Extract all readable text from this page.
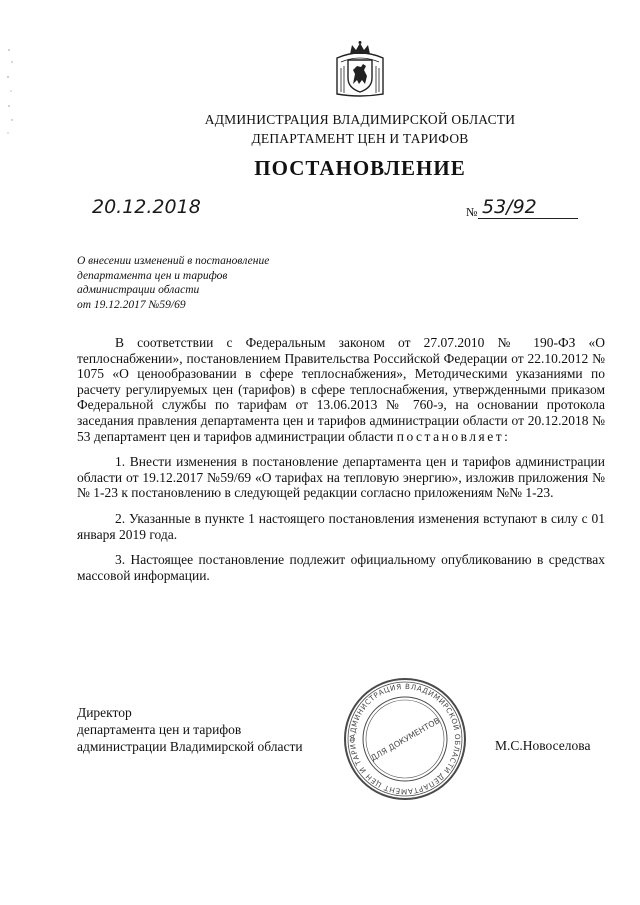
АДМИНИСТРАЦИЯ ВЛАДИМИРСКОЙ ОБЛАСТИ
ДЕПАРТАМЕНТ ЦЕН И ТАРИФОВ
ПОСТАНОВЛЕНИЕ
20.12.2018	№ 53/92
О внесении изменений в постановление
департамента цен и тарифов
администрации области
от 19.12.2017 №59/69

В соответствии с Федеральным законом от 27.07.2010 № 190-ФЗ «О теплоснабжении», постановлением Правительства Российской Федерации от 22.10.2012 № 1075 «О ценообразовании в сфере теплоснабжения», Методическими указаниями по расчету регулируемых цен (тарифов) в сфере теплоснабжения, утвержденными приказом Федеральной службы по тарифам от 13.06.2013 № 760-э, на основании протокола заседания правления департамента цен и тарифов администрации области от 20.12.2018 № 53 департамент цен и тарифов администрации области постановляет:

1. Внести изменения в постановление департамента цен и тарифов администрации области от 19.12.2017 №59/69 «О тарифах на тепловую энергию», изложив приложения №№ 1-23 к постановлению в следующей редакции согласно приложениям №№ 1-23.

2. Указанные в пункте 1 настоящего постановления изменения вступают в силу с 01 января 2019 года.

3. Настоящее постановление подлежит официальному опубликованию в средствах массовой информации.

Директор
департамента цен и тарифов
администрации Владимирской области
АДМИНИСТРАЦИЯ ВЛАДИМИРСКОЙ ОБЛАСТИ ДЕПАРТАМЕНТ ЦЕН И ТАРИФ	ДЛЯ ДОКУМЕНТОВ	М.С.Новоселова
